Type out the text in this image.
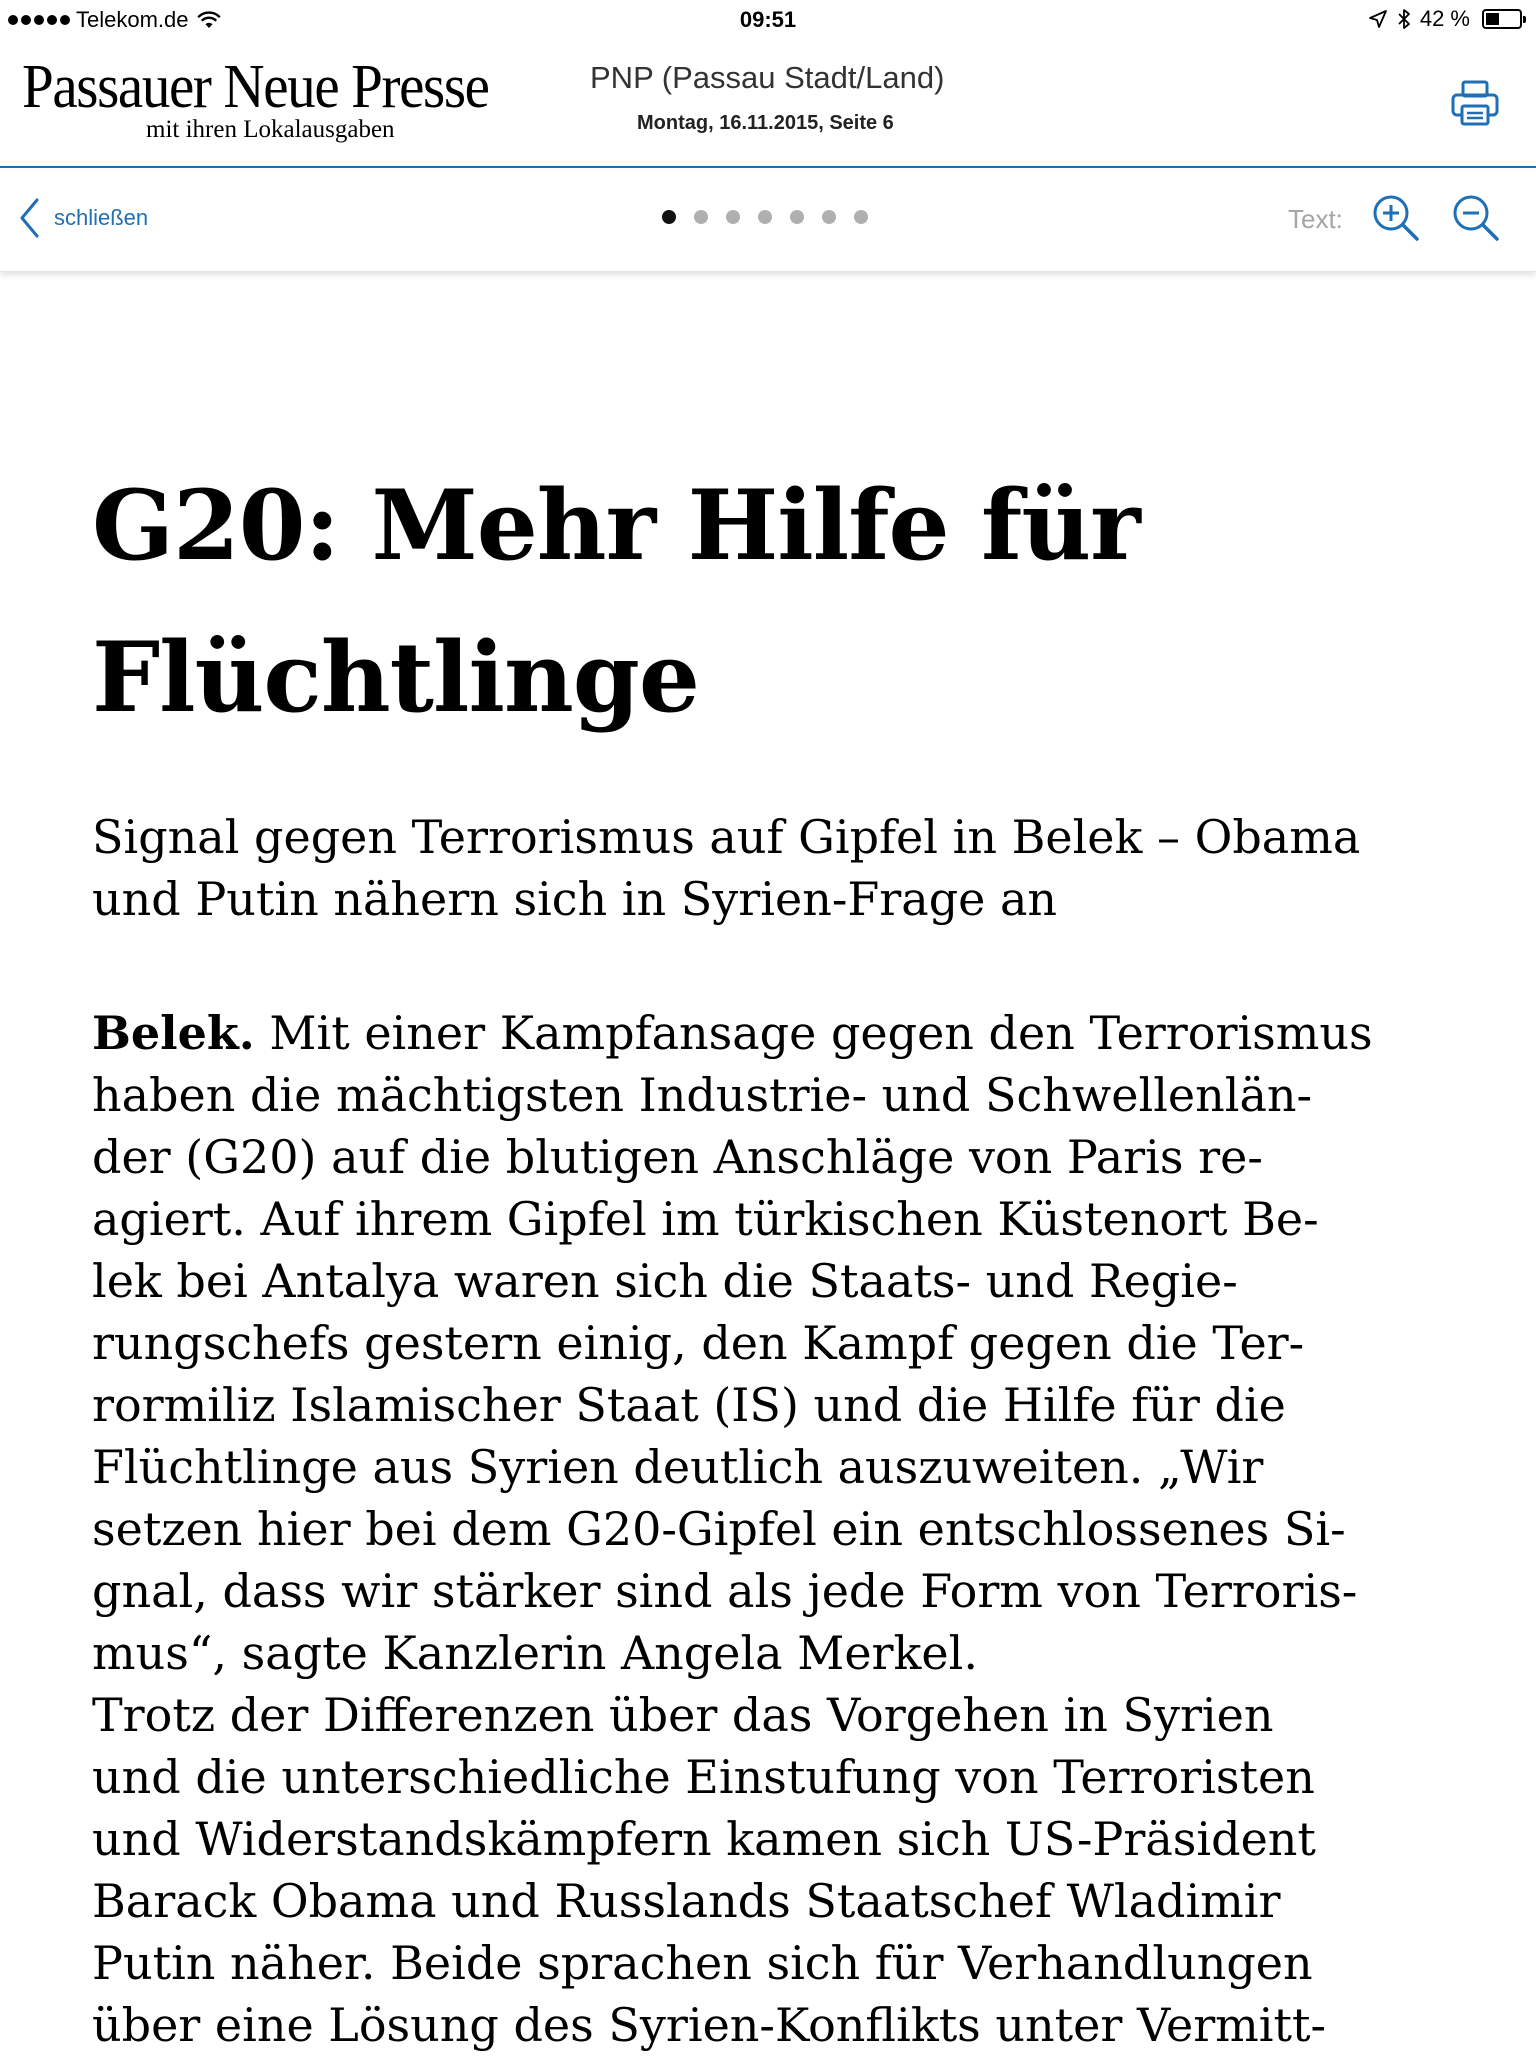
Telekom.de	09:51	42 %
Passauer Neue Presse
mit ihren Lokalausgaben
PNP (Passau Stadt/Land)
Montag, 16.11.2015, Seite 6
schließen	Text:
G20: Mehr Hilfe für
Flüchtlinge

Signal gegen Terrorismus auf Gipfel in Belek – Obama und Putin nähern sich in Syrien-Frage an

Belek. Mit einer Kampfansage gegen den Terrorismus
haben die mächtigsten Industrie- und Schwellenlän-
der (G20) auf die blutigen Anschläge von Paris re-
agiert. Auf ihrem Gipfel im türkischen Küstenort Be-
lek bei Antalya waren sich die Staats- und Regie-
rungschefs gestern einig, den Kampf gegen die Ter-
rormiliz Islamischer Staat (IS) und die Hilfe für die
Flüchtlinge aus Syrien deutlich auszuweiten. „Wir
setzen hier bei dem G20-Gipfel ein entschlossenes Si-
gnal, dass wir stärker sind als jede Form von Terroris-
mus“, sagte Kanzlerin Angela Merkel.
Trotz der Differenzen über das Vorgehen in Syrien
und die unterschiedliche Einstufung von Terroristen
und Widerstandskämpfern kamen sich US-Präsident
Barack Obama und Russlands Staatschef Wladimir
Putin näher. Beide sprachen sich für Verhandlungen
über eine Lösung des Syrien-Konflikts unter Vermitt-
